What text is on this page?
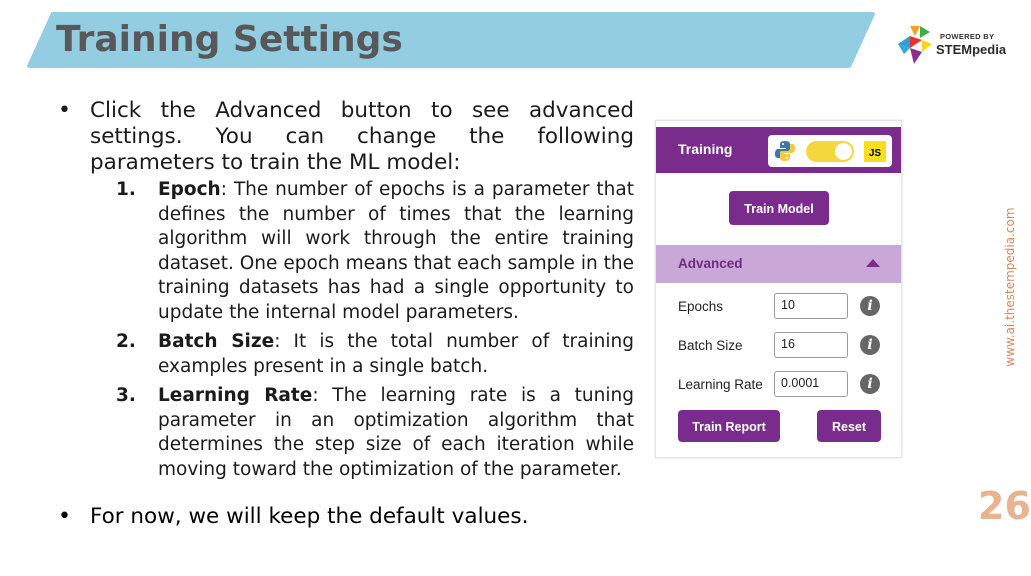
Training Settings	POWERED BY
STEMpedia
www.ai.thestempedia.com
26
• Click the Advanced button to see advanced settings. You can change the following parameters to train the ML model:

1. Epoch: The number of epochs is a parameter that defines the number of times that the learning algorithm will work through the entire training dataset. One epoch means that each sample in the training datasets has had a single opportunity to update the internal model parameters.
2. Batch Size: It is the total number of training examples present in a single batch.
3. Learning Rate: The learning rate is a tuning parameter in an optimization algorithm that determines the step size of each iteration while moving toward the optimization of the parameter.
• For now, we will keep the default values.

Training	JS
Train Model
Advanced
Epochs	10	i
Batch Size	16	i
Learning Rate	0.0001	i
Train Report	Reset
